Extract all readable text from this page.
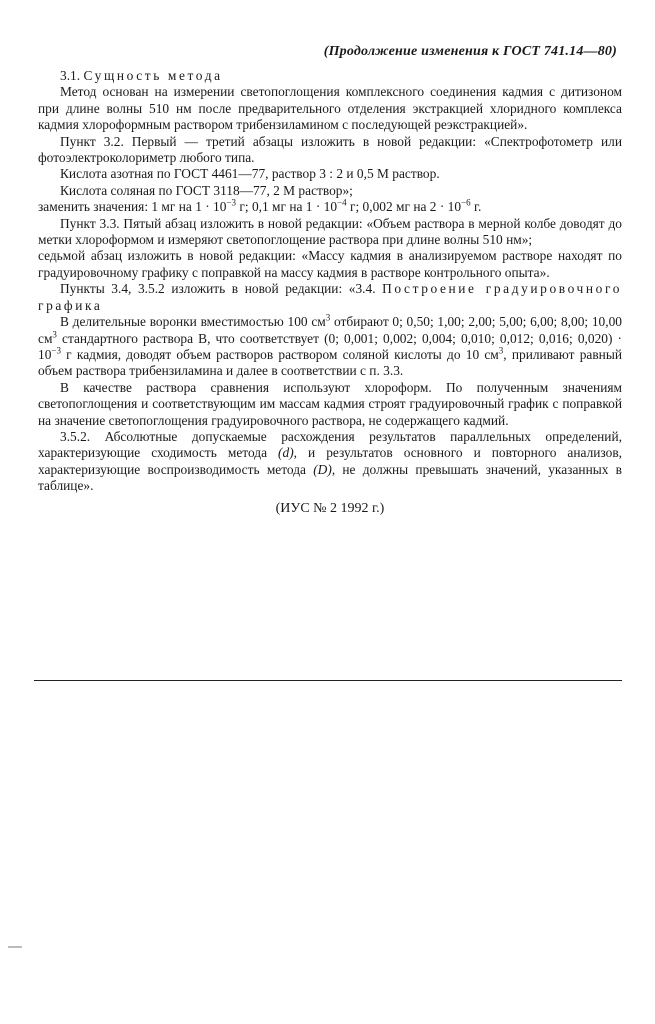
(Продолжение изменения к ГОСТ 741.14—80)

3.1. Сущность метода

Метод основан на измерении светопоглощения комплексного соединения кадмия с дитизоном при длине волны 510 нм после предварительного отделения экстракцией хлоридного комплекса кадмия хлороформным раствором трибензиламином с последующей реэкстракцией».

Пункт 3.2. Первый — третий абзацы изложить в новой редакции: «Спектрофотометр или фотоэлектроколориметр любого типа.

Кислота азотная по ГОСТ 4461—77, раствор 3 : 2 и 0,5 М раствор.

Кислота соляная по ГОСТ 3118—77, 2 М раствор»;

заменить значения: 1 мг на $1 \cdot 10^{-3}$ г; 0,1 мг на $1 \cdot 10^{-4}$ г; 0,002 мг на $2 \cdot 10^{-6}$ г.

Пункт 3.3. Пятый абзац изложить в новой редакции: «Объем раствора в мерной колбе доводят до метки хлороформом и измеряют светопоглощение раствора при длине волны 510 нм»;

седьмой абзац изложить в новой редакции: «Массу кадмия в анализируемом растворе находят по градуировочному графику с поправкой на массу кадмия в растворе контрольного опыта».

Пункты 3.4, 3.5.2 изложить в новой редакции: «3.4. Построение градуировочного графика

В делительные воронки вместимостью 100 $см^3$ отбирают 0; 0,50; 1,00; 2,00; 5,00; 6,00; 8,00; 10,00 $см^3$ стандартного раствора В, что соответствует (0; 0,001; 0,002; 0,004; 0,010; 0,012; 0,016; $0,020) \cdot 10^{-3}$ г кадмия, доводят объем растворов раствором соляной кислоты до 10 $см^3$, приливают равный объем раствора трибензиламина и далее в соответствии с п. 3.3.

В качестве раствора сравнения используют хлороформ. По полученным значениям светопоглощения и соответствующим им массам кадмия строят градуировочный график с поправкой на значение светопоглощения градуировочного раствора, не содержащего кадмий.

3.5.2. Абсолютные допускаемые расхождения результатов параллельных определений, характеризующие сходимость метода (d), и результатов основного и повторного анализов, характеризующие воспроизводимость метода (D), не должны превышать значений, указанных в таблице».

(ИУС № 2 1992 г.)
